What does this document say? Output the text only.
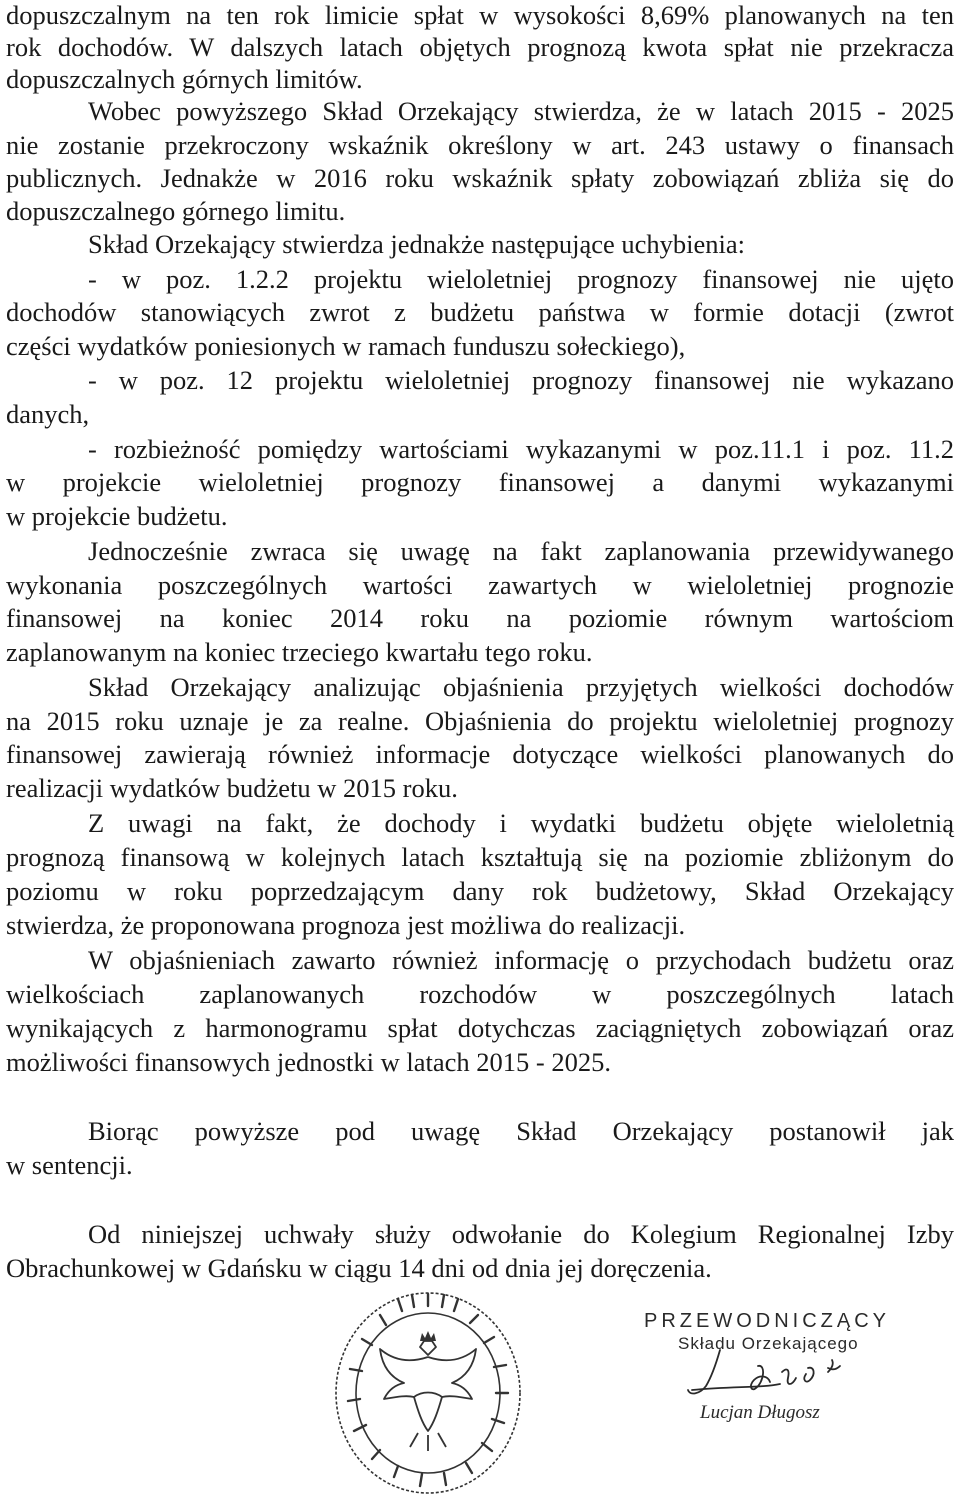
dopuszczalnym na ten rok limicie spłat w wysokości 8,69% planowanych na ten
rok dochodów. W dalszych latach objętych prognozą kwota spłat nie przekracza
dopuszczalnych górnych limitów.
Wobec powyższego Skład Orzekający stwierdza, że w latach 2015 - 2025
nie zostanie przekroczony wskaźnik określony w art. 243 ustawy o finansach
publicznych. Jednakże w 2016 roku wskaźnik spłaty zobowiązań zbliża się do
dopuszczalnego górnego limitu.
Skład Orzekający stwierdza jednakże następujące uchybienia:
- w poz. 1.2.2 projektu wieloletniej prognozy finansowej nie ujęto
dochodów stanowiących zwrot z budżetu państwa w formie dotacji (zwrot
części wydatków poniesionych w ramach funduszu sołeckiego),
- w poz. 12 projektu wieloletniej prognozy finansowej nie wykazano
danych,
- rozbieżność pomiędzy wartościami wykazanymi w poz.11.1 i poz. 11.2
w projekcie wieloletniej prognozy finansowej a danymi wykazanymi
w projekcie budżetu.
Jednocześnie zwraca się uwagę na fakt zaplanowania przewidywanego
wykonania poszczególnych wartości zawartych w wieloletniej prognozie
finansowej na koniec 2014 roku na poziomie równym wartościom
zaplanowanym na koniec trzeciego kwartału tego roku.
Skład Orzekający analizując objaśnienia przyjętych wielkości dochodów
na 2015 roku uznaje je za realne. Objaśnienia do projektu wieloletniej prognozy
finansowej zawierają również informacje dotyczące wielkości planowanych do
realizacji wydatków budżetu w 2015 roku.
Z uwagi na fakt, że dochody i wydatki budżetu objęte wieloletnią
prognozą finansową w kolejnych latach kształtują się na poziomie zbliżonym do
poziomu w roku poprzedzającym dany rok budżetowy, Skład Orzekający
stwierdza, że proponowana prognoza jest możliwa do realizacji.
W objaśnieniach zawarto również informację o przychodach budżetu oraz
wielkościach zaplanowanych rozchodów w poszczególnych latach
wynikających z harmonogramu spłat dotychczas zaciągniętych zobowiązań oraz
możliwości finansowych jednostki w latach 2015 - 2025.
Biorąc powyższe pod uwagę Skład Orzekający postanowił jak
w sentencji.
Od niniejszej uchwały służy odwołanie do Kolegium Regionalnej Izby
Obrachunkowej w Gdańsku w ciągu 14 dni od dnia jej doręczenia.
PRZEWODNICZĄCY
Składu Orzekającego
Lucjan Długosz
